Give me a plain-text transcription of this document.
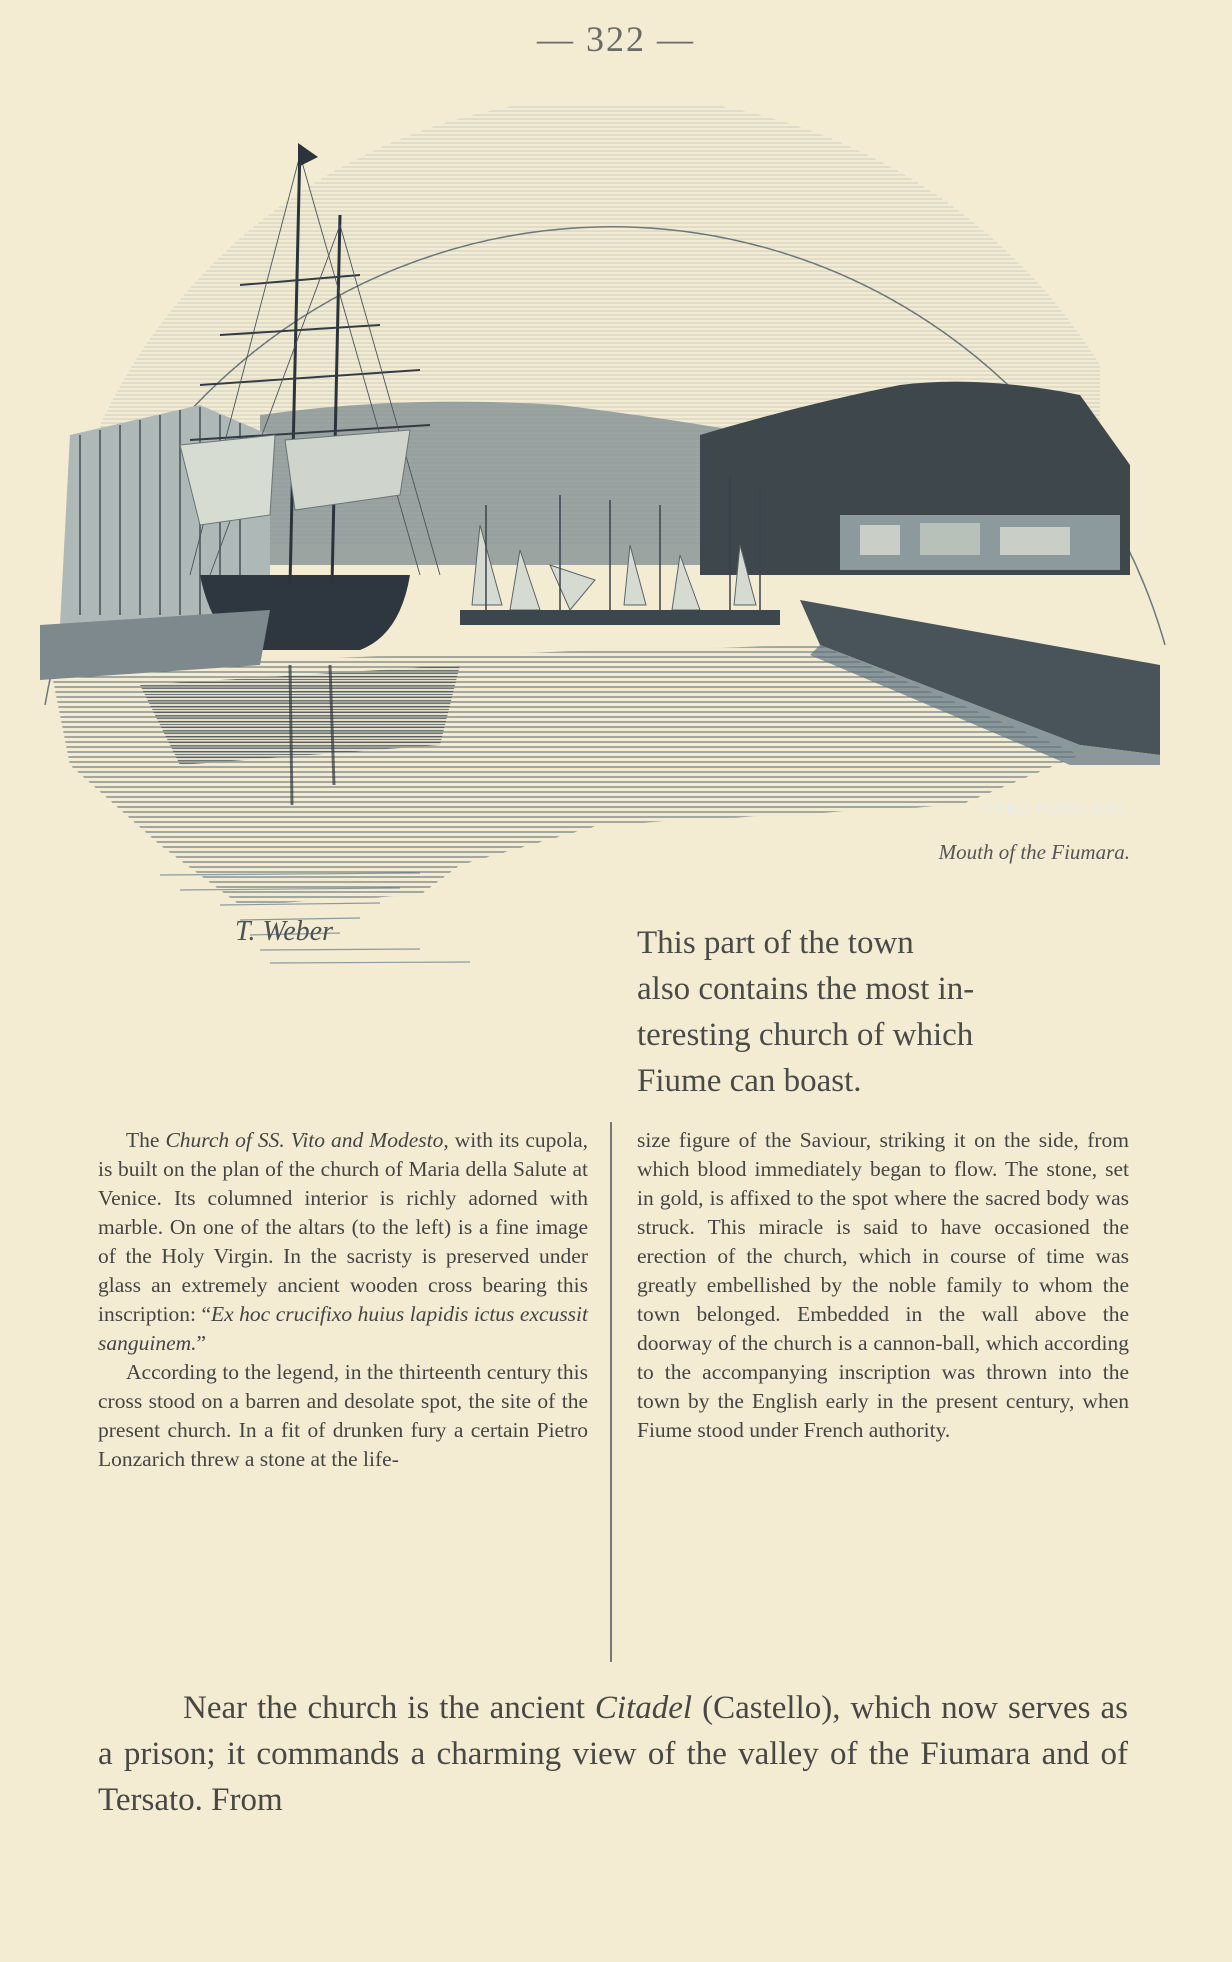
— 322 —
T. Weber
ORELL FÜSSLI & Co.
Mouth of the Fiumara.
This part of the town
also contains the most in-
teresting church of which
Fiume can boast.

The Church of SS. Vito and Modesto, with its cupola, is built on the plan of the church of Maria della Salute at Venice. Its columned interior is richly adorned with marble. On one of the altars (to the left) is a fine image of the Holy Virgin. In the sacristy is preserved under glass an extremely ancient wooden cross bearing this inscription: “Ex hoc crucifixo huius lapidis ictus excussit sanguinem.”

According to the legend, in the thirteenth century this cross stood on a barren and desolate spot, the site of the present church. In a fit of drunken fury a certain Pietro Lonzarich threw a stone at the life-

size figure of the Saviour, striking it on the side, from which blood immediately began to flow. The stone, set in gold, is affixed to the spot where the sacred body was struck. This miracle is said to have occasioned the erection of the church, which in course of time was greatly embellished by the noble family to whom the town belonged. Embedded in the wall above the doorway of the church is a cannon-ball, which according to the accompanying inscription was thrown into the town by the English early in the present century, when Fiume stood under French authority.

Near the church is the ancient Citadel (Castello), which now serves as a prison; it commands a charming view of the valley of the Fiumara and of Tersato. From
